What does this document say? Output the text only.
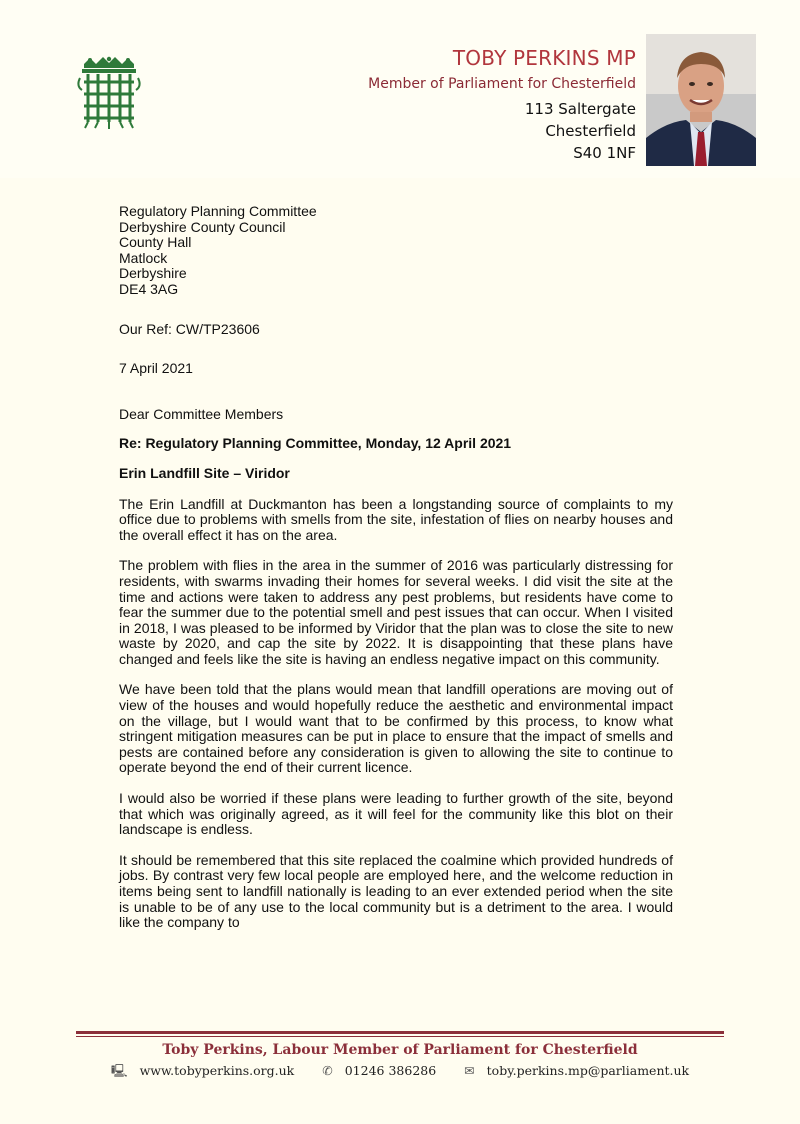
TOBY PERKINS MP
Member of Parliament for Chesterfield
113 Saltergate
Chesterfield
S40 1NF
Regulatory Planning Committee
Derbyshire County Council
County Hall
Matlock
Derbyshire
DE4 3AG
Our Ref: CW/TP23606
7 April 2021
Dear Committee Members
Re: Regulatory Planning Committee, Monday, 12 April 2021
Erin Landfill Site – Viridor
The Erin Landfill at Duckmanton has been a longstanding source of complaints to my office due to problems with smells from the site, infestation of flies on nearby houses and the overall effect it has on the area.
The problem with flies in the area in the summer of 2016 was particularly distressing for residents, with swarms invading their homes for several weeks. I did visit the site at the time and actions were taken to address any pest problems, but residents have come to fear the summer due to the potential smell and pest issues that can occur. When I visited in 2018, I was pleased to be informed by Viridor that the plan was to close the site to new waste by 2020, and cap the site by 2022. It is disappointing that these plans have changed and feels like the site is having an endless negative impact on this community.
We have been told that the plans would mean that landfill operations are moving out of view of the houses and would hopefully reduce the aesthetic and environmental impact on the village, but I would want that to be confirmed by this process, to know what stringent mitigation measures can be put in place to ensure that the impact of smells and pests are contained before any consideration is given to allowing the site to continue to operate beyond the end of their current licence.
I would also be worried if these plans were leading to further growth of the site, beyond that which was originally agreed, as it will feel for the community like this blot on their landscape is endless.
It should be remembered that this site replaced the coalmine which provided hundreds of jobs. By contrast very few local people are employed here, and the welcome reduction in items being sent to landfill nationally is leading to an ever extended period when the site is unable to be of any use to the local community but is a detriment to the area. I would like the company to
Toby Perkins, Labour Member of Parliament for Chesterfield
🖳 www.tobyperkins.org.uk ✆ 01246 386286 ✉ toby.perkins.mp@parliament.uk
